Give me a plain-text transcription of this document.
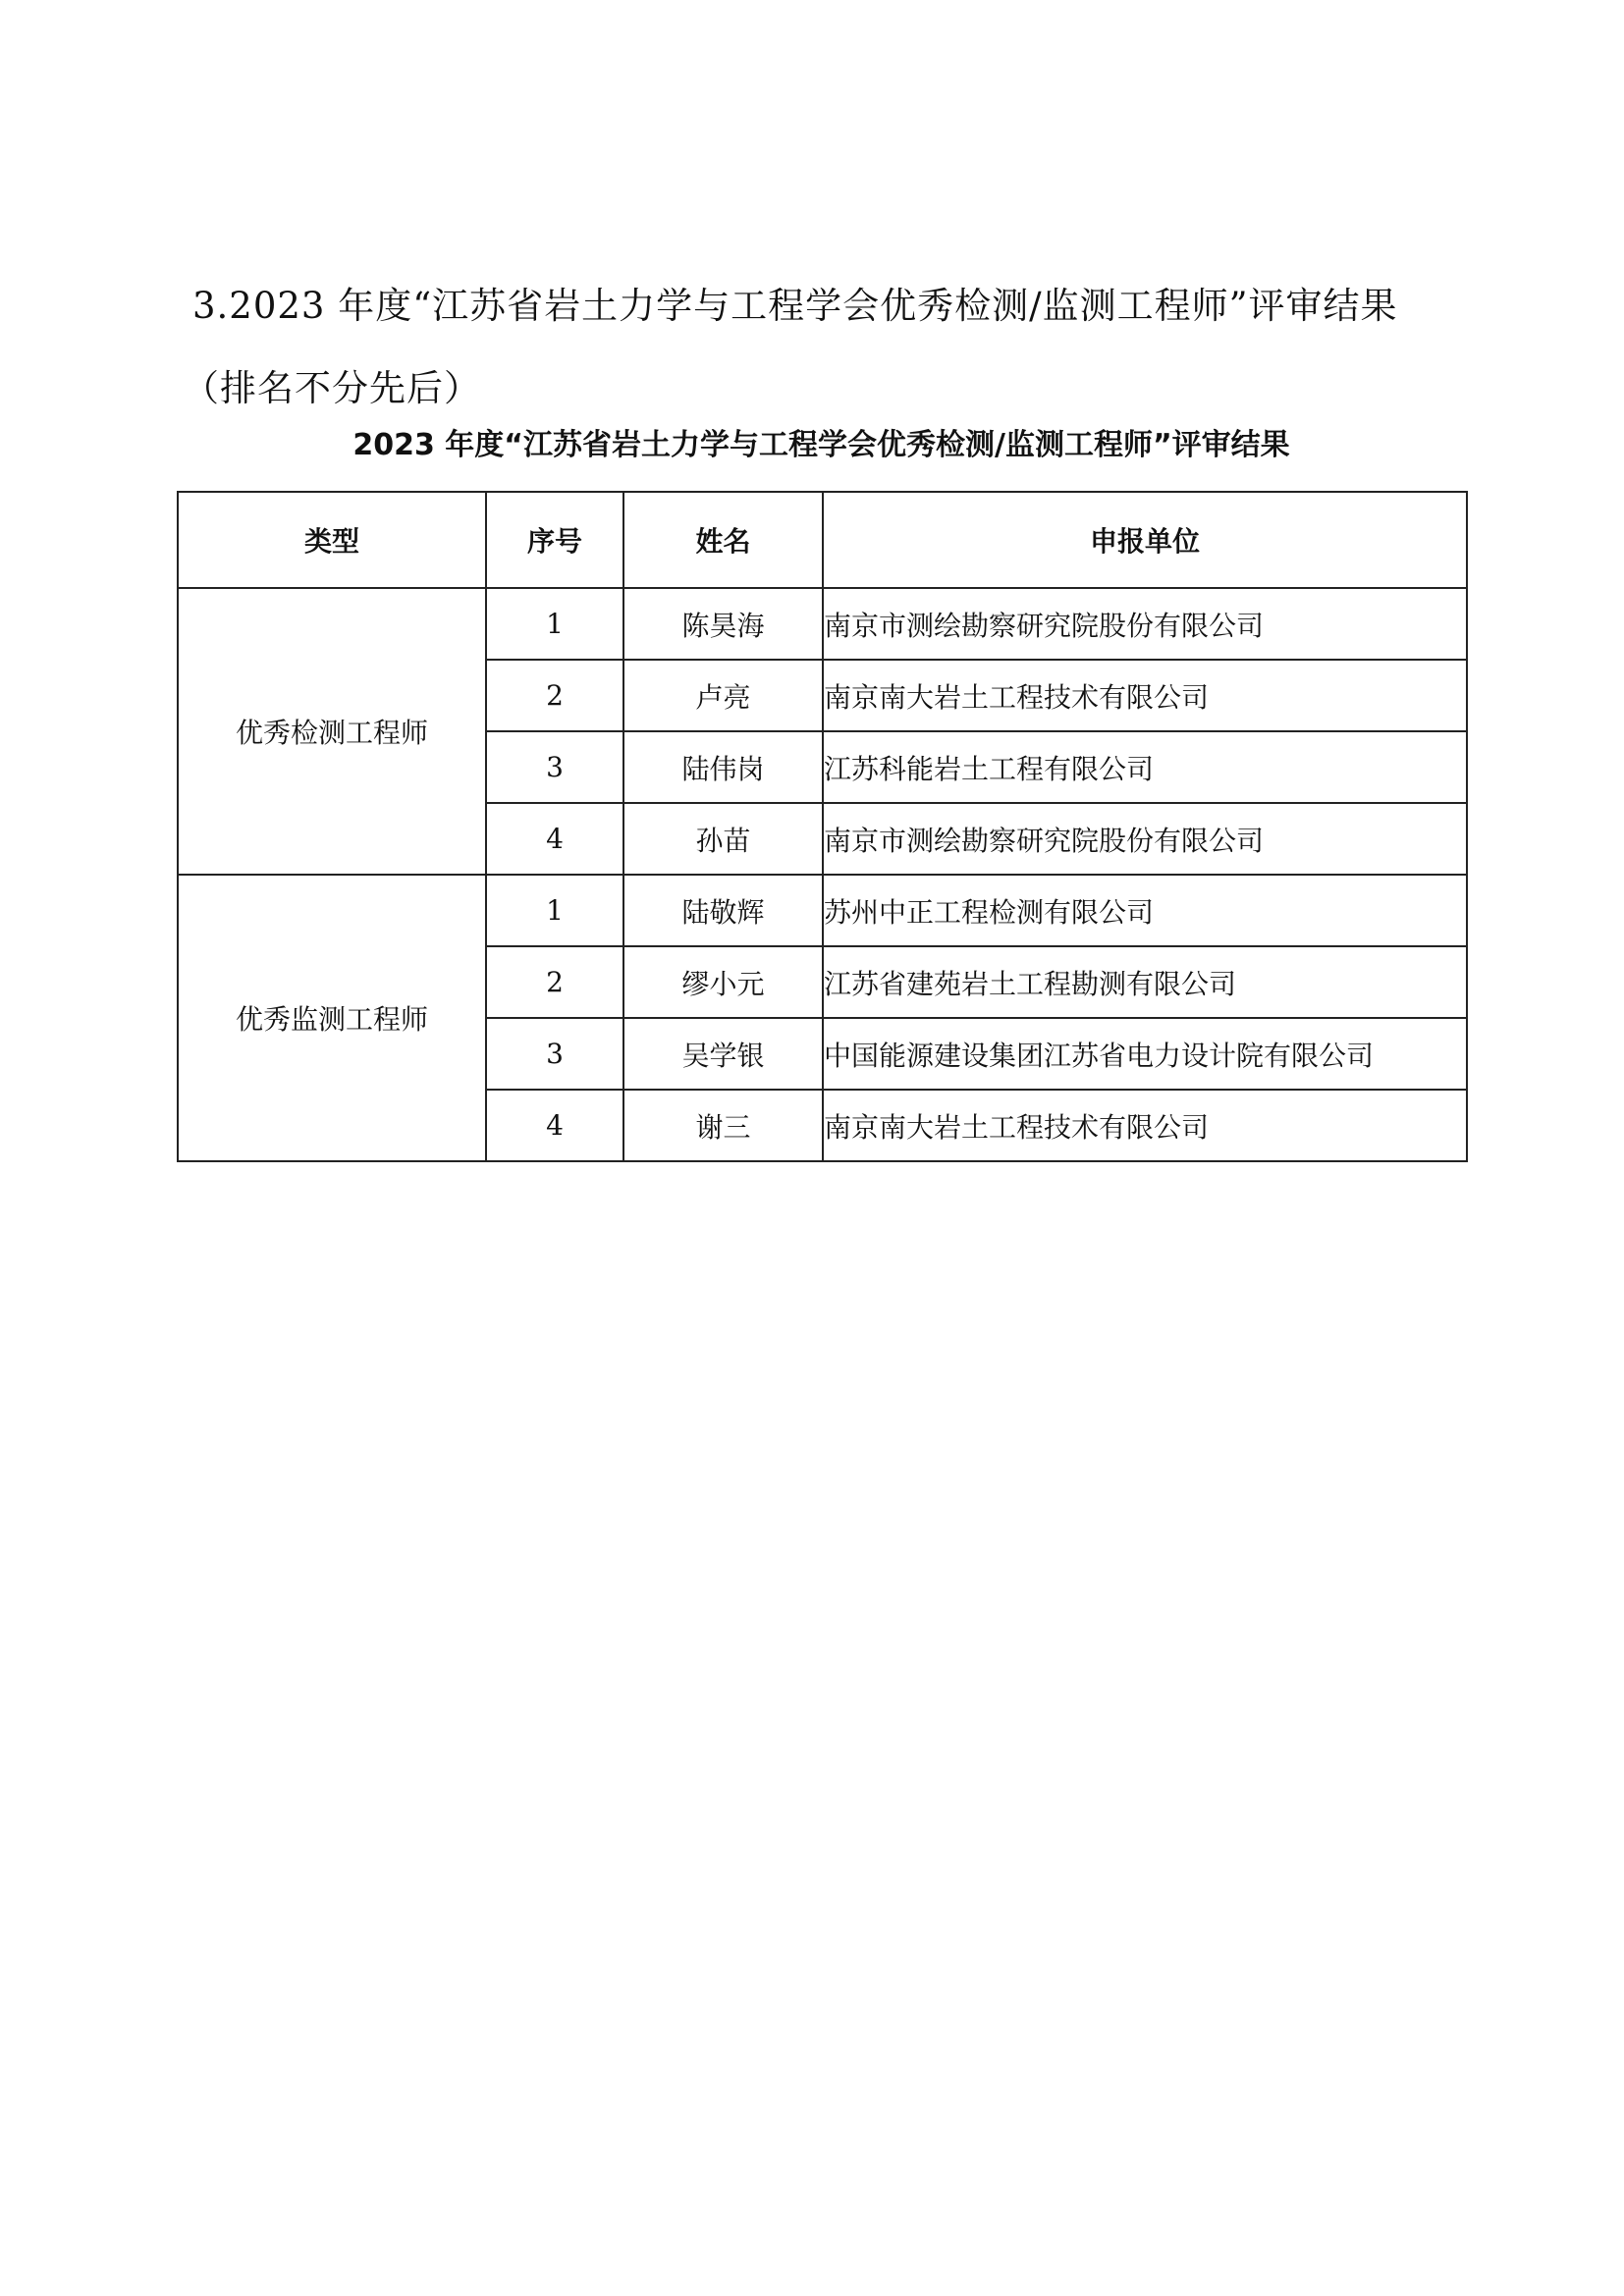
3.2023 年度“江苏省岩土力学与工程学会优秀检测/监测工程师”评审结果
（排名不分先后）
2023 年度“江苏省岩土力学与工程学会优秀检测/监测工程师”评审结果
类型	序号	姓名	申报单位
优秀检测工程师	1	陈昊海	南京市测绘勘察研究院股份有限公司
	2	卢亮	南京南大岩土工程技术有限公司
	3	陆伟岗	江苏科能岩土工程有限公司
	4	孙苗	南京市测绘勘察研究院股份有限公司
优秀监测工程师	1	陆敬辉	苏州中正工程检测有限公司
	2	缪小元	江苏省建苑岩土工程勘测有限公司
	3	吴学银	中国能源建设集团江苏省电力设计院有限公司
	4	谢三	南京南大岩土工程技术有限公司
